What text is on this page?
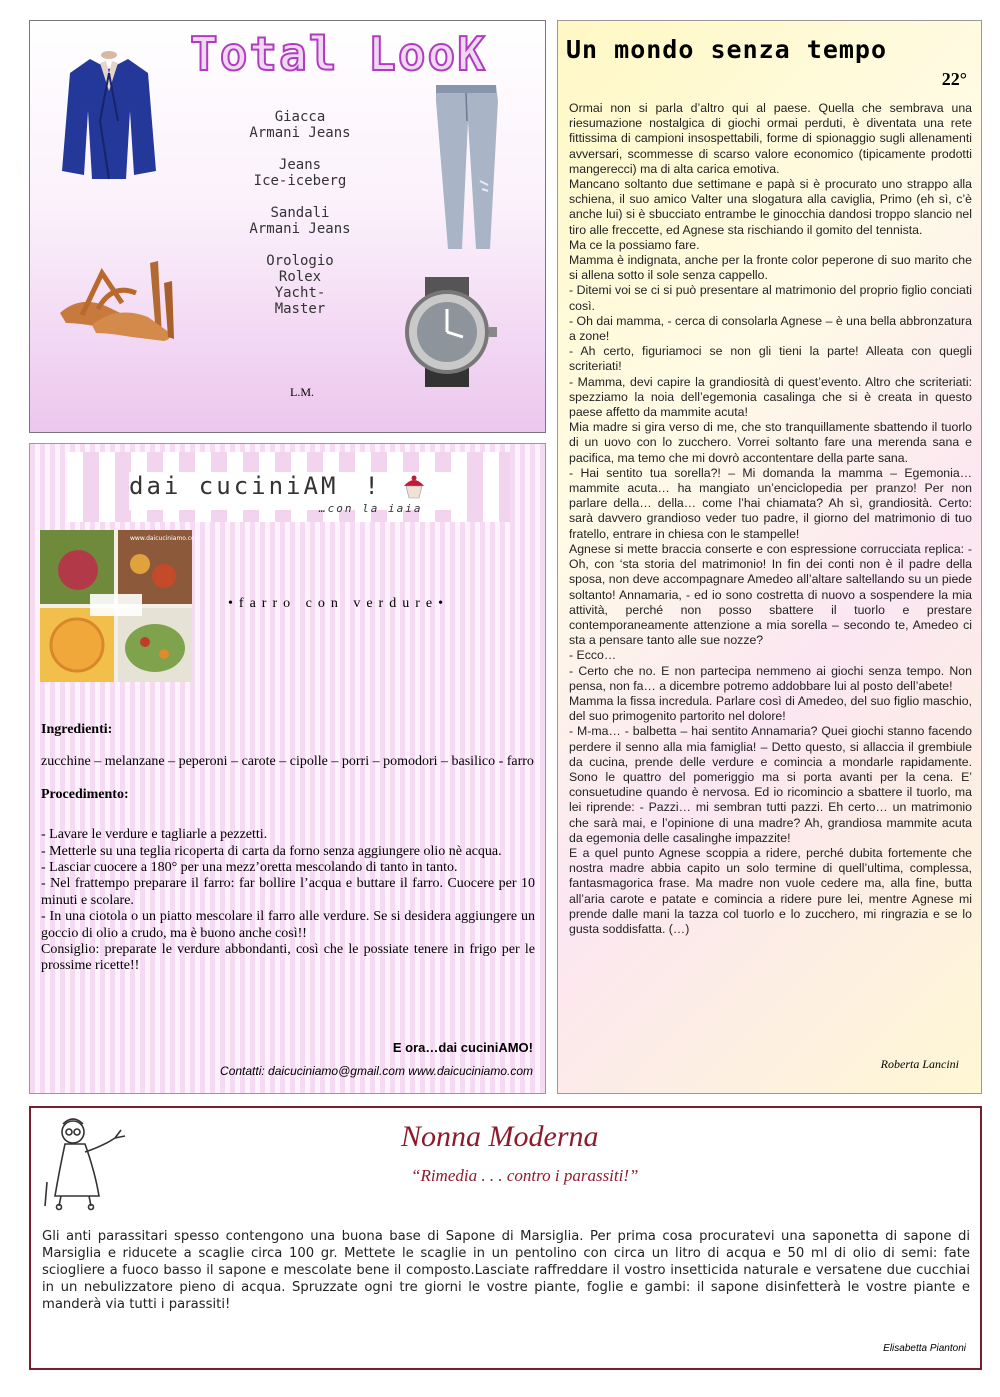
Total LooK
Giacca
Armani Jeans
Jeans
Ice-iceberg
Sandali
Armani Jeans
Orologio
Rolex Yacht-Master
L.M.
Un mondo senza tempo
22°

Ormai non si parla d’altro qui al paese. Quella che sembrava una riesumazione nostalgica di giochi ormai perduti, è diventata una rete fittissima di campioni insospettabili, forme di spionaggio sugli allenamenti avversari, scommesse di scarso valore economico (tipicamente prodotti mangerecci) ma di alta carica emotiva.

Mancano soltanto due settimane e papà si è procurato uno strappo alla schiena, il suo amico Valter una slogatura alla caviglia, Primo (eh sì, c’è anche lui) si è sbucciato entrambe le ginocchia dandosi troppo slancio nel tiro alle freccette, ed Agnese sta rischiando il gomito del tennista.

Ma ce la possiamo fare.

Mamma è indignata, anche per la fronte color peperone di suo marito che si allena sotto il sole senza cappello.

- Ditemi voi se ci si può presentare al matrimonio del proprio figlio conciati così.

- Oh dai mamma, - cerca di consolarla Agnese – è una bella abbronzatura a zone!

- Ah certo, figuriamoci se non gli tieni la parte! Alleata con quegli scriteriati!

- Mamma, devi capire la grandiosità di quest’evento. Altro che scriteriati: spezziamo la noia dell’egemonia casalinga che si è creata in questo paese affetto da mammite acuta!

Mia madre si gira verso di me, che sto tranquillamente sbattendo il tuorlo di un uovo con lo zucchero. Vorrei soltanto fare una merenda sana e pacifica, ma temo che mi dovrò accontentare della parte sana.

- Hai sentito tua sorella?! – Mi domanda la mamma – Egemonia… mammite acuta… ha mangiato un’enciclopedia per pranzo! Per non parlare della… della… come l’hai chiamata? Ah sì, grandiosità. Certo: sarà davvero grandioso veder tuo padre, il giorno del matrimonio di tuo fratello, entrare in chiesa con le stampelle!

Agnese si mette braccia conserte e con espressione corrucciata replica: - Oh, con ‘sta storia del matrimonio! In fin dei conti non è il padre della sposa, non deve accompagnare Amedeo all’altare saltellando su un piede soltanto! Annamaria, - ed io sono costretta di nuovo a sospendere la mia attività, perché non posso sbattere il tuorlo e prestare contemporaneamente attenzione a mia sorella – secondo te, Amedeo ci sta a pensare tanto alle sue nozze?

- Ecco…

- Certo che no. E non partecipa nemmeno ai giochi senza tempo. Non pensa, non fa… a dicembre potremo addobbare lui al posto dell’abete!

Mamma la fissa incredula. Parlare così di Amedeo, del suo figlio maschio, del suo primogenito partorito nel dolore!

- M-ma… - balbetta – hai sentito Annamaria? Quei giochi stanno facendo perdere il senno alla mia famiglia! – Detto questo, si allaccia il grembiule da cucina, prende delle verdure e comincia a mondarle rapidamente. Sono le quattro del pomeriggio ma si porta avanti per la cena. E’ consuetudine quando è nervosa. Ed io ricomincio a sbattere il tuorlo, ma lei riprende: - Pazzi… mi sembran tutti pazzi. Eh certo… un matrimonio che sarà mai, e l’opinione di una madre? Ah, grandiosa mammite acuta da egemonia delle casalinghe impazzite!

E a quel punto Agnese scoppia a ridere, perché dubita fortemente che nostra madre abbia capito un solo termine di quell’ultima, complessa, fantasmagorica frase. Ma madre non vuole cedere ma, alla fine, butta all’aria carote e patate e comincia a ridere pure lei, mentre Agnese mi prende dalle mani la tazza col tuorlo e lo zucchero, mi ringrazia e se lo gusta soddisfatta. (…)

Roberta Lancini
dai cuciniAM !
…con la iaia
www.daicuciniamo.com
•farro con verdure•

Ingredienti:

zucchine – melanzane – peperoni – carote – cipolle – porri – pomodori – basilico - farro

Procedimento:

- Lavare le verdure e tagliarle a pezzetti.

- Metterle su una teglia ricoperta di carta da forno senza aggiungere olio nè acqua.

- Lasciar cuocere a 180° per una mezz’oretta mescolando di tanto in tanto.

- Nel frattempo preparare il farro: far bollire l’acqua e buttare il farro. Cuocere per 10 minuti e scolare.

- In una ciotola o un piatto mescolare il farro alle verdure. Se si desidera aggiungere un goccio di olio a crudo, ma è buono anche così!!

Consiglio: preparate le verdure abbondanti, così che le possiate tenere in frigo per le prossime ricette!!

E ora…dai cuciniAMO!
Contatti: daicuciniamo@gmail.com www.daicuciniamo.com
Nonna Moderna
“Rimedia . . . contro i parassiti!”
Gli anti parassitari spesso contengono una buona base di Sapone di Marsiglia. Per prima cosa procuratevi una saponetta di sapone di Marsiglia e riducete a scaglie circa 100 gr. Mettete le scaglie in un pentolino con circa un litro di acqua e 50 ml di olio di semi: fate sciogliere a fuoco basso il sapone e mescolate bene il composto.Lasciate raffreddare il vostro insetticida naturale e versatene due cucchiai in un nebulizzatore pieno di acqua. Spruzzate ogni tre giorni le vostre piante, foglie e gambi: il sapone disinfetterà le vostre piante e manderà via tutti i parassiti!
Elisabetta Piantoni
